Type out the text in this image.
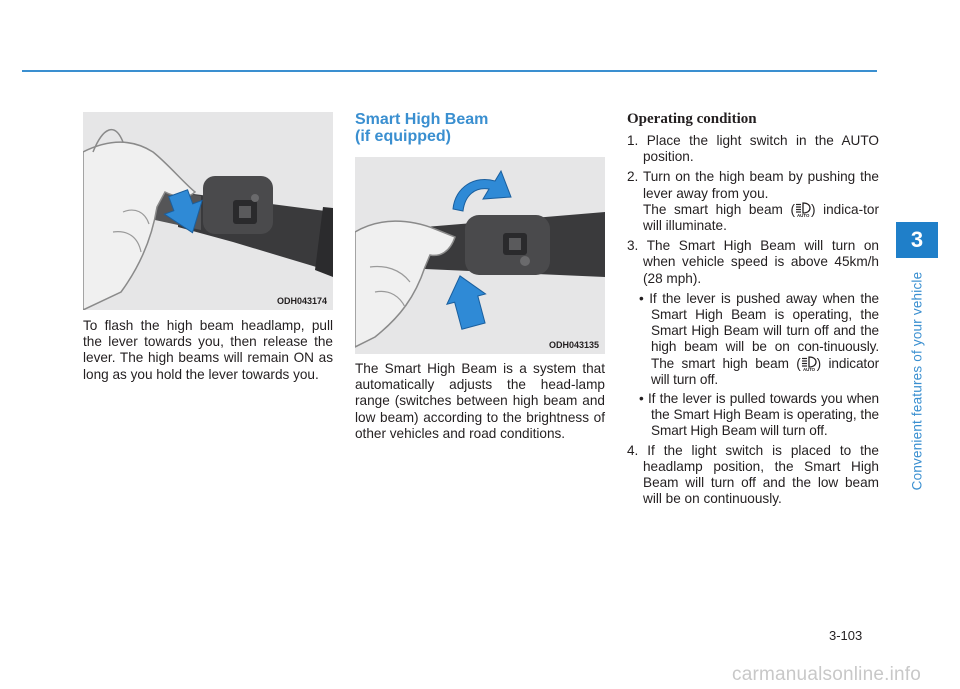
3
Convenient features of your vehicle
ODH043174
To flash the high beam headlamp, pull the lever towards you, then release the lever. The high beams will remain ON as long as you hold the lever towards you.
Smart High Beam
(if equipped)
ODH043135
The Smart High Beam is a system that automatically adjusts the head-lamp range (switches between high beam and low beam) according to the brightness of other vehicles and road conditions.
Operating condition

1. Place the light switch in the AUTO position.

2. Turn on the high beam by pushing the lever away from you.

The smart high beam ( AUTO ) indica-tor will illuminate.

3. The Smart High Beam will turn on when vehicle speed is above 45km/h (28 mph).

• If the lever is pushed away when the Smart High Beam is operating, the Smart High Beam will turn off and the high beam will be on con-tinuously. The smart high beam ( AUTO ) indicator will turn off.
• If the lever is pulled towards you when the Smart High Beam is operating, the Smart High Beam will turn off.

4. If the light switch is placed to the headlamp position, the Smart High Beam will turn off and the low beam will be on continuously.

3-103
carmanualsonline.info
